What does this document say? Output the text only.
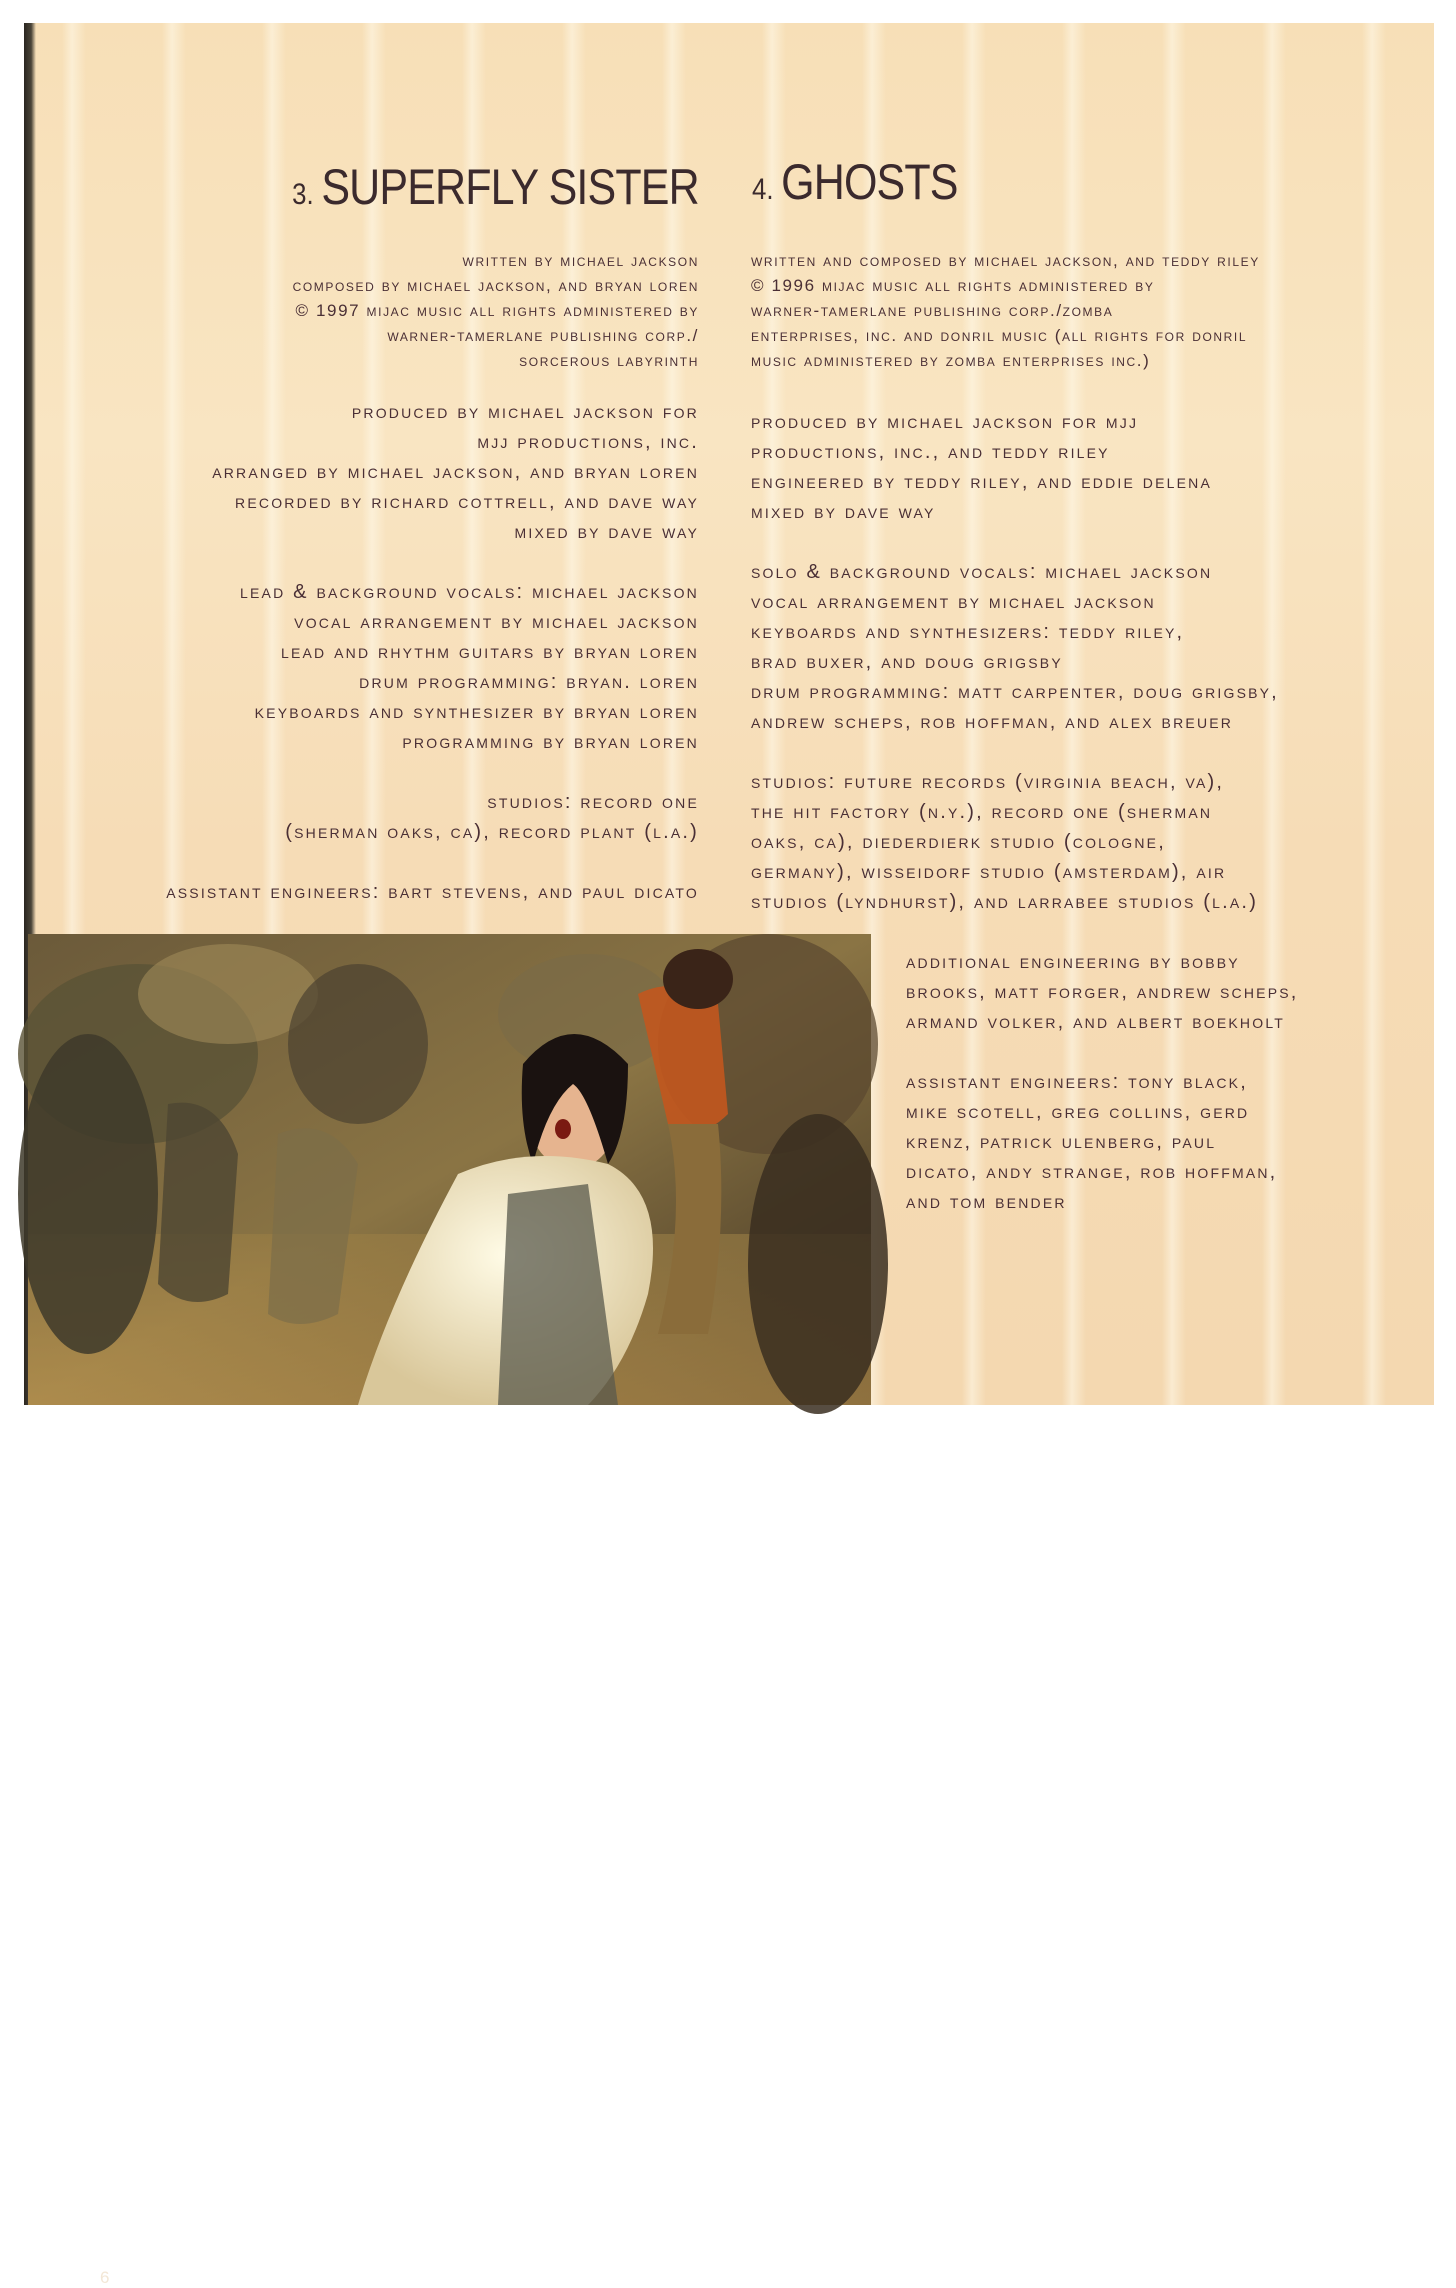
3. SUPERFLY SISTER
written by michael jackson
composed by michael jackson, and bryan loren
© 1997 mijac music all rights administered by
warner-tamerlane publishing corp./
sorcerous labyrinth
produced by michael jackson for
mjj productions, inc.
arranged by michael jackson, and bryan loren
recorded by richard cottrell, and dave way
mixed by dave way
lead & background vocals: michael jackson
vocal arrangement by michael jackson
lead and rhythm guitars by bryan loren
drum programming: bryan. loren
keyboards and synthesizer by bryan loren
programming by bryan loren
studios: record one
(sherman oaks, ca), record plant (l.a.)
assistant engineers: bart stevens, and paul dicato
4. GHOSTS
written and composed by michael jackson, and teddy riley
© 1996 mijac music all rights administered by
warner-tamerlane publishing corp./zomba
enterprises, inc. and donril music (all rights for donril
music administered by zomba enterprises inc.)
produced by michael jackson for mjj
productions, inc., and teddy riley
engineered by teddy riley, and eddie delena
mixed by dave way
solo & background vocals: michael jackson
vocal arrangement by michael jackson
keyboards and synthesizers: teddy riley,
brad buxer, and doug grigsby
drum programming: matt carpenter, doug grigsby,
andrew scheps, rob hoffman, and alex breuer
studios: future records (virginia beach, va),
the hit factory (n.y.), record one (sherman
oaks, ca), diederdierk studio (cologne,
germany), wisseidorf studio (amsterdam), air
studios (lyndhurst), and larrabee studios (l.a.)
additional engineering by bobby
brooks, matt forger, andrew scheps,
armand volker, and albert boekholt
assistant engineers: tony black,
mike scotell, greg collins, gerd
krenz, patrick ulenberg, paul
dicato, andy strange, rob hoffman,
and tom bender
6
